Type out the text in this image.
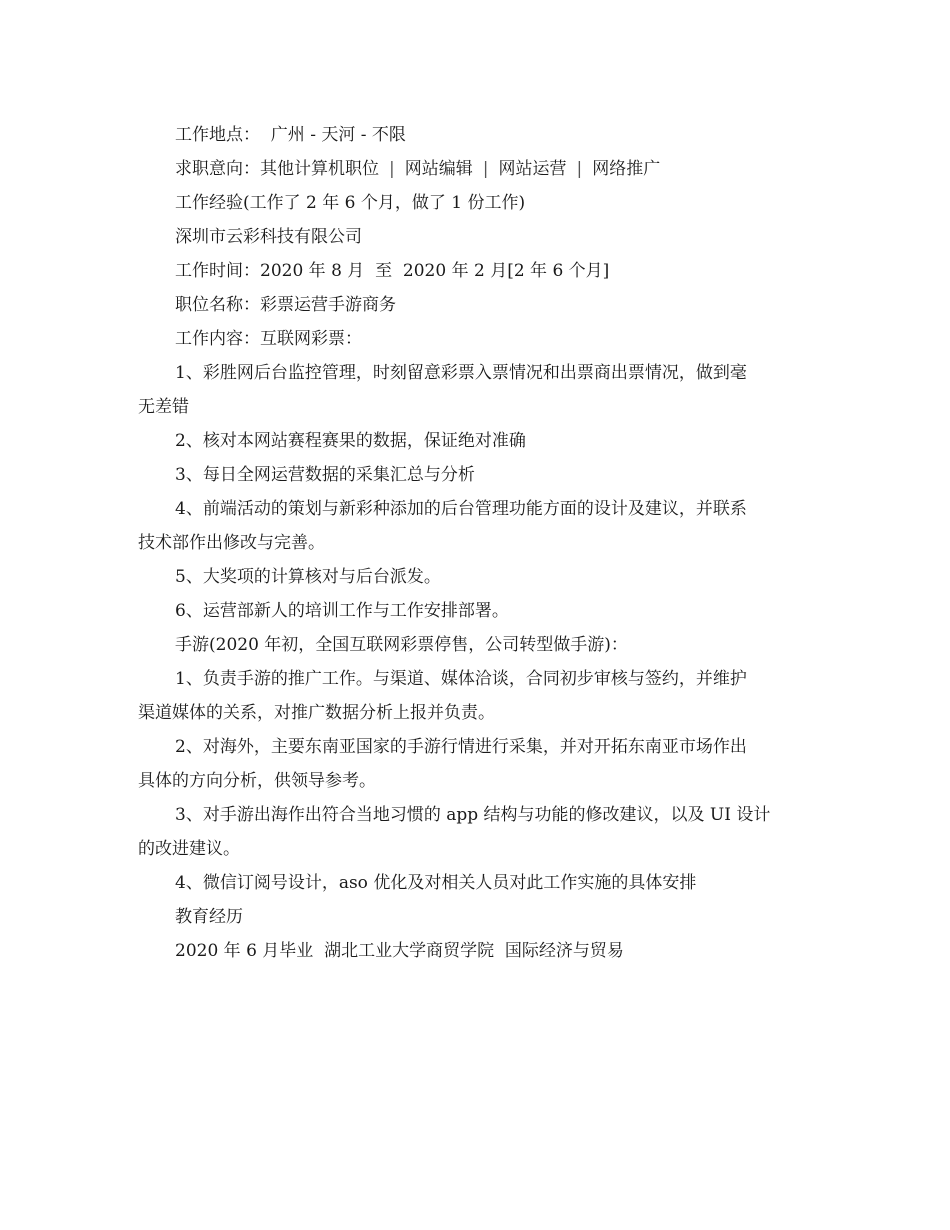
工作地点：  广州 - 天河 - 不限
求职意向：其他计算机职位 | 网站编辑 | 网站运营 | 网络推广
工作经验(工作了 2 年 6 个月，做了 1 份工作)
深圳市云彩科技有限公司
工作时间：2020 年 8 月  至  2020 年 2 月[2 年 6 个月]
职位名称：彩票运营手游商务
工作内容：互联网彩票：
1、彩胜网后台监控管理，时刻留意彩票入票情况和出票商出票情况，做到毫
无差错
2、核对本网站赛程赛果的数据，保证绝对准确
3、每日全网运营数据的采集汇总与分析
4、前端活动的策划与新彩种添加的后台管理功能方面的设计及建议，并联系
技术部作出修改与完善。
5、大奖项的计算核对与后台派发。
6、运营部新人的培训工作与工作安排部署。
手游(2020 年初，全国互联网彩票停售，公司转型做手游)：
1、负责手游的推广工作。与渠道、媒体洽谈，合同初步审核与签约，并维护
渠道媒体的关系，对推广数据分析上报并负责。
2、对海外，主要东南亚国家的手游行情进行采集，并对开拓东南亚市场作出
具体的方向分析，供领导参考。
3、对手游出海作出符合当地习惯的 app 结构与功能的修改建议，以及 UI 设计
的改进建议。
4、微信订阅号设计，aso 优化及对相关人员对此工作实施的具体安排
教育经历
2020 年 6 月毕业  湖北工业大学商贸学院  国际经济与贸易
